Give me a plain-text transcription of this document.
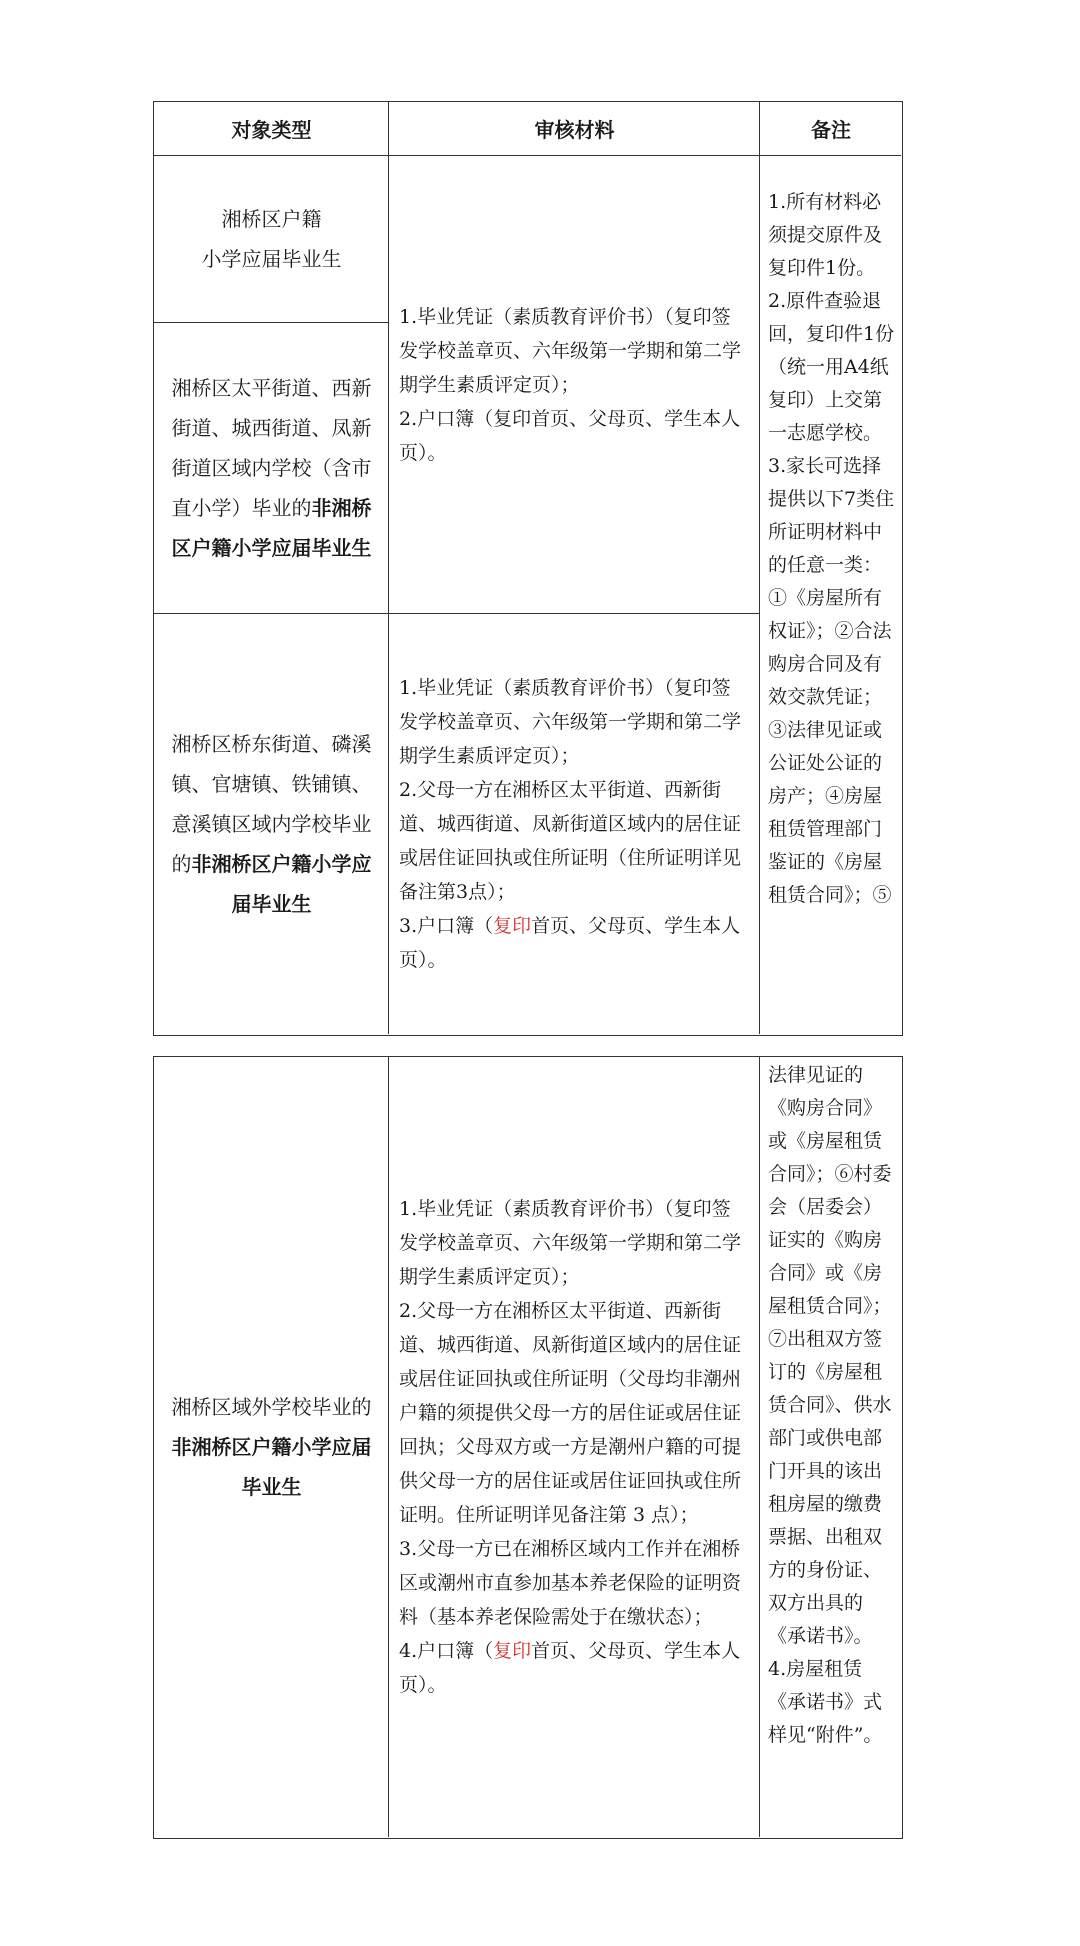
对象类型	审核材料	备注
湘桥区户籍
小学应届毕业生
湘桥区太平街道、西新街道、城西街道、凤新街道区域内学校（含市直小学）毕业的非湘桥区户籍小学应届毕业生

1.毕业凭证（素质教育评价书）（复印签发学校盖章页、六年级第一学期和第二学期学生素质评定页）；

2.户口簿（复印首页、父母页、学生本人页）。

湘桥区桥东街道、磷溪镇、官塘镇、铁铺镇、意溪镇区域内学校毕业的非湘桥区户籍小学应届毕业生

1.毕业凭证（素质教育评价书）（复印签发学校盖章页、六年级第一学期和第二学期学生素质评定页）；

2.父母一方在湘桥区太平街道、西新街道、城西街道、凤新街道区域内的居住证或居住证回执或住所证明（住所证明详见备注第3点）；

3.户口簿（复印首页、父母页、学生本人页）。

1.所有材料必须提交原件及复印件1份。

2.原件查验退回，复印件1份（统一用A4纸复印）上交第一志愿学校。

3.家长可选择提供以下7类住所证明材料中的任意一类：①《房屋所有权证》；②合法购房合同及有效交款凭证；③法律见证或公证处公证的房产；④房屋租赁管理部门鉴证的《房屋租赁合同》；⑤

湘桥区域外学校毕业的非湘桥区户籍小学应届毕业生

1.毕业凭证（素质教育评价书）（复印签发学校盖章页、六年级第一学期和第二学期学生素质评定页）；

2.父母一方在湘桥区太平街道、西新街道、城西街道、凤新街道区域内的居住证或居住证回执或住所证明（父母均非潮州户籍的须提供父母一方的居住证或居住证回执；父母双方或一方是潮州户籍的可提供父母一方的居住证或居住证回执或住所证明。住所证明详见备注第 3 点）；

3.父母一方已在湘桥区域内工作并在湘桥区或潮州市直参加基本养老保险的证明资料（基本养老保险需处于在缴状态）；

4.户口簿（复印首页、父母页、学生本人页）。

法律见证的《购房合同》或《房屋租赁合同》；⑥村委会（居委会）证实的《购房合同》或《房屋租赁合同》；⑦出租双方签订的《房屋租赁合同》、供水部门或供电部门开具的该出租房屋的缴费票据、出租双方的身份证、双方出具的《承诺书》。

4.房屋租赁《承诺书》式样见“附件”。
